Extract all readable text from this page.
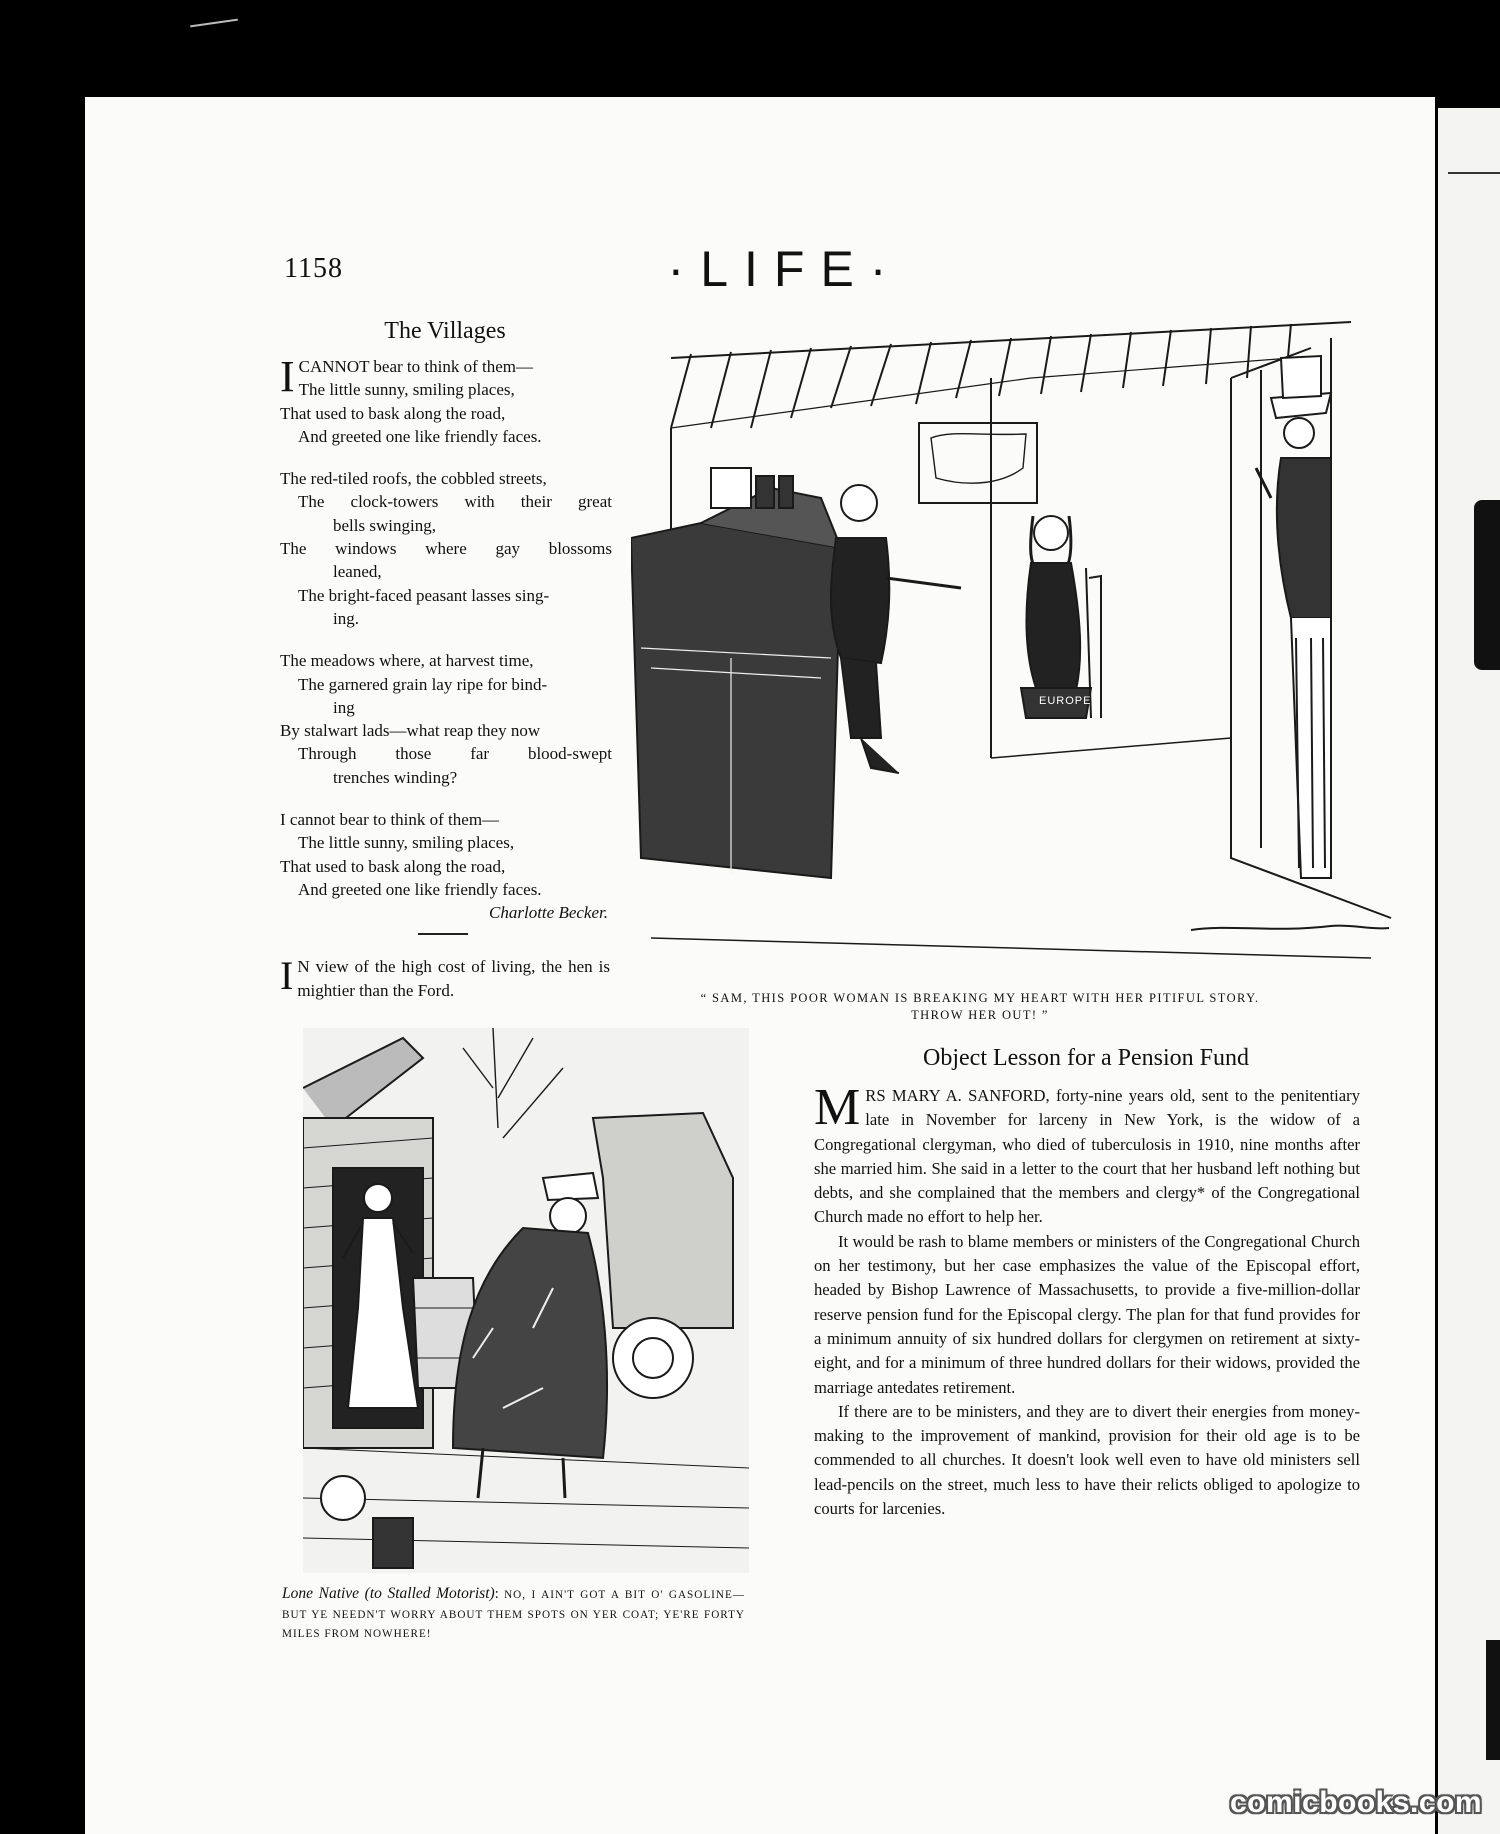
1158	·LIFE·
The Villages
I CANNOT bear to think of them—
The little sunny, smiling places,
That used to bask along the road,
And greeted one like friendly faces.
The red-tiled roofs, the cobbled streets,
The clock-towers with their great
bells swinging,
The windows where gay blossoms
leaned,
The bright-faced peasant lasses sing-
ing.
The meadows where, at harvest time,
The garnered grain lay ripe for bind-
ing
By stalwart lads—what reap they now
Through those far blood-swept
trenches winding?
I cannot bear to think of them—
The little sunny, smiling places,
That used to bask along the road,
And greeted one like friendly faces.
Charlotte Becker.
I N view of the high cost of living, the hen is mightier than the Ford.
EUROPE
“ SAM, THIS POOR WOMAN IS BREAKING MY HEART WITH HER PITIFUL STORY.
THROW HER OUT! ”
Lone Native (to Stalled Motorist): NO, I AIN'T GOT A BIT O' GASOLINE—BUT YE NEEDN'T WORRY ABOUT THEM SPOTS ON YER COAT; YE'RE FORTY MILES FROM NOWHERE!
Object Lesson for a Pension Fund

MRS MARY A. SANFORD, forty-nine years old, sent to the penitentiary late in November for larceny in New York, is the widow of a Congregational clergyman, who died of tuberculosis in 1910, nine months after she married him. She said in a letter to the court that her husband left nothing but debts, and she complained that the members and clergy* of the Congregational Church made no effort to help her.

It would be rash to blame members or ministers of the Congregational Church on her testimony, but her case emphasizes the value of the Episcopal effort, headed by Bishop Lawrence of Massachusetts, to provide a five-million-dollar reserve pension fund for the Episcopal clergy. The plan for that fund provides for a minimum annuity of six hundred dollars for clergymen on retirement at sixty-eight, and for a minimum of three hundred dollars for their widows, provided the marriage antedates retirement.

If there are to be ministers, and they are to divert their energies from money-making to the improvement of mankind, provision for their old age is to be commended to all churches. It doesn't look well even to have old ministers sell lead-pencils on the street, much less to have their relicts obliged to apologize to courts for larcenies.

comicbooks.com
